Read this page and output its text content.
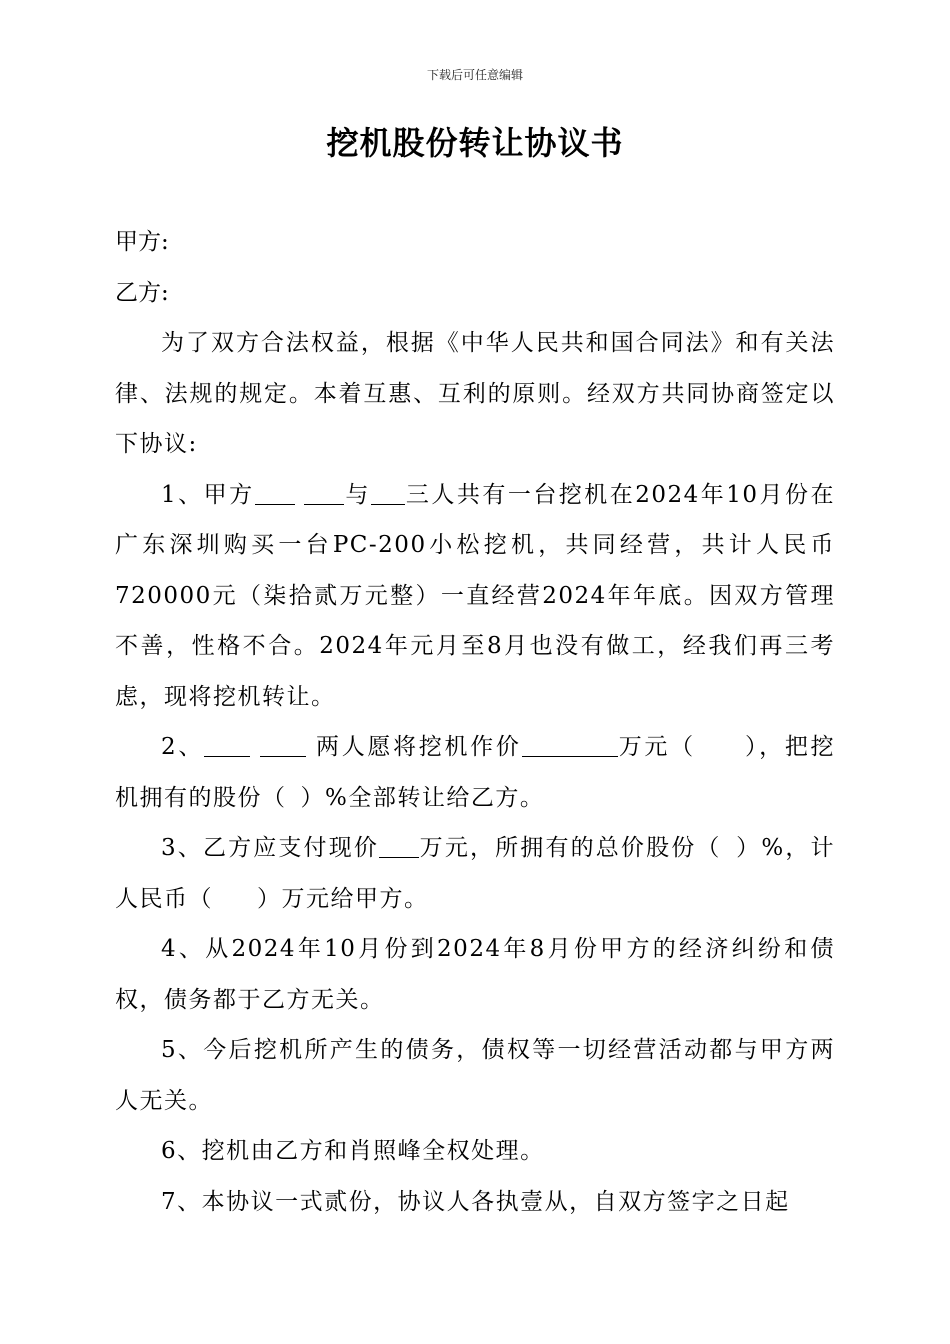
下载后可任意编辑
挖机股份转让协议书
甲方:
乙方:

为了双方合法权益，根据《中华人民共和国合同法》和有关法律、法规的规定。本着互惠、互利的原则。经双方共同协商签定以下协议:

1、甲方	与 三人共有一台挖机在2024年10月份在广东深圳购买一台PC-200小松挖机，共同经营，共计人民币720000元（柒拾贰万元整）一直经营2024年年底。因双方管理不善，性格不合。2024年元月至8月也没有做工，经我们再三考虑，现将挖机转让。

2、	两人愿将挖机作价	万元（ ），把挖机拥有的股份（ ）%全部转让给乙方。

3、乙方应支付现价 万元，所拥有的总价股份（ ）%，计人民币（ ）万元给甲方。

4、从2024年10月份到2024年8月份甲方的经济纠纷和债权，债务都于乙方无关。

5、今后挖机所产生的债务，债权等一切经营活动都与甲方两人无关。

6、挖机由乙方和肖照峰全权处理。

7、本协议一式贰份，协议人各执壹从，自双方签字之日起
